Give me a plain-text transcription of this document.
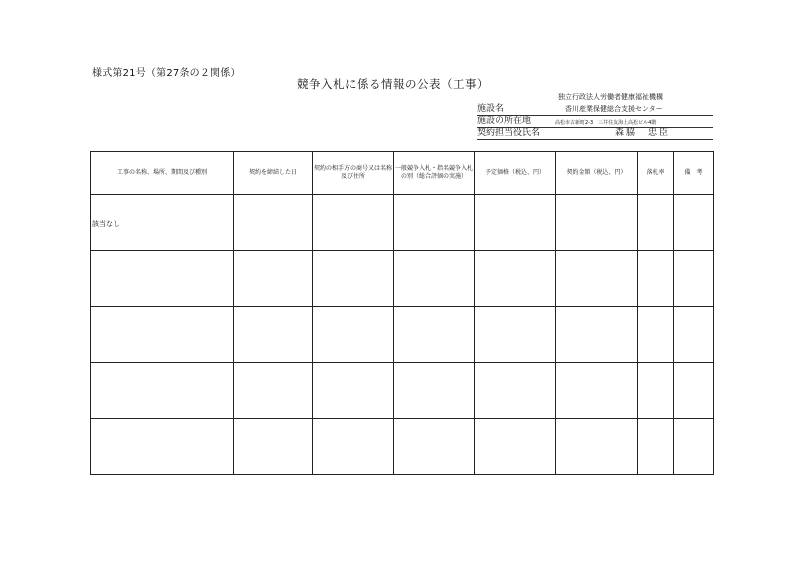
様式第21号（第27条の２関係）
競争入札に係る情報の公表（工事）
独立行政法人労働者健康福祉機構
施設名	香川産業保健総合支援センター
施設の所在地	高松市古新町2-3　三井住友海上高松ビル4階
契約担当役氏名	森脇　忠臣
工事の名称、場所、期間及び種別	契約を締結した日	契約の相手方の商号又は名称及び住所	一般競争入札・指名競争入札の別（総合評価の実施）	予定価格（税込、円）	契約金額（税込、円）	落札率	備　考

該当なし							
